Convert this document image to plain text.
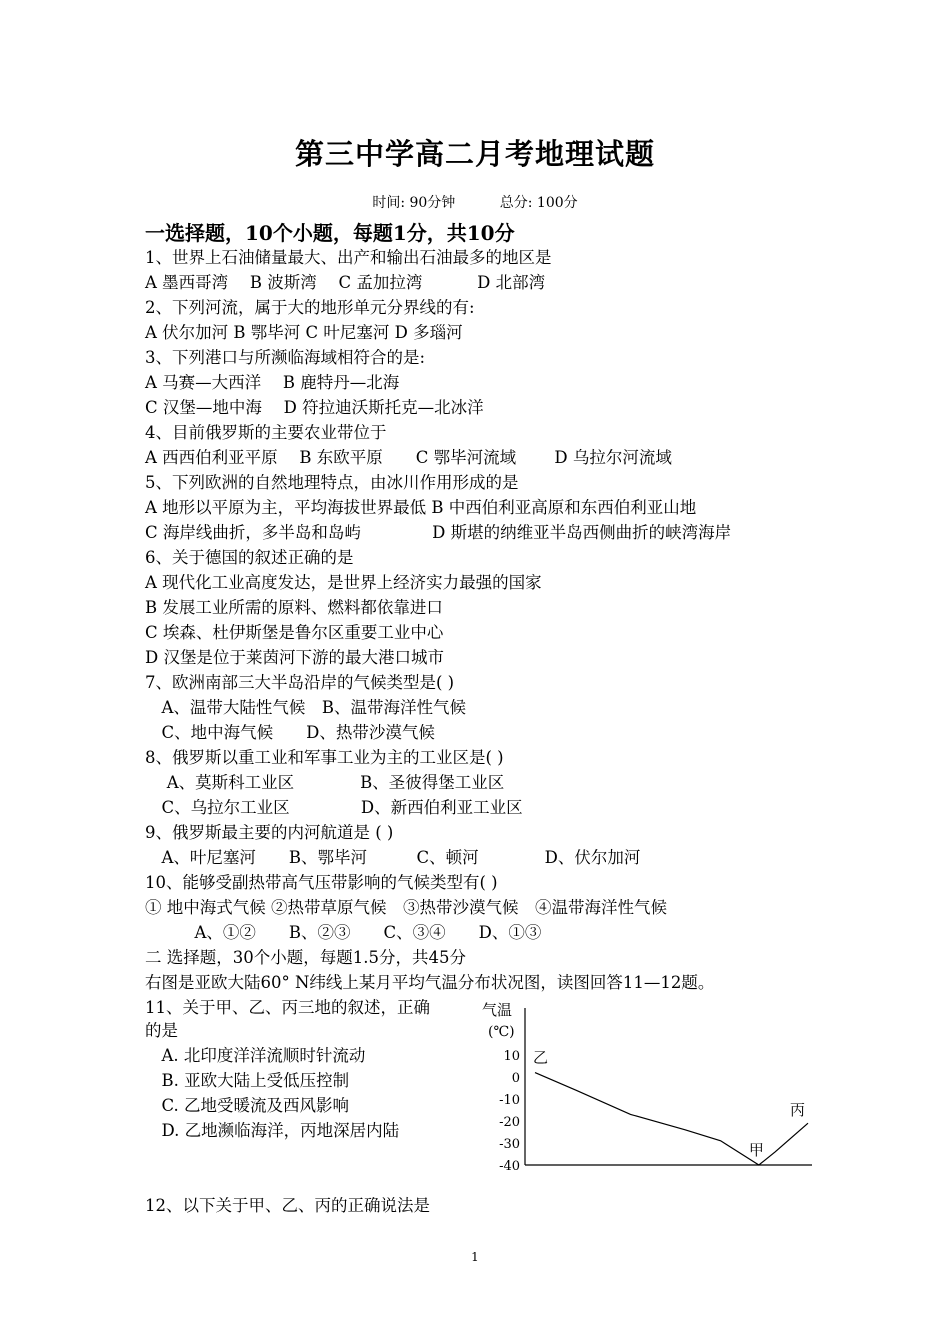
第三中学高二月考地理试题
时间: 90分钟	总分: 100分
一选择题，10个小题，每题1分，共10分
1、世界上石油储量最大、出产和输出石油最多的地区是
A 墨西哥湾　 B 波斯湾　 C 孟加拉湾　　　 D 北部湾
2、下列河流，属于大的地形单元分界线的有:
A 伏尔加河 B 鄂毕河 C 叶尼塞河 D 多瑙河
3、下列港口与所濒临海域相符合的是:
A 马赛—大西洋　 B 鹿特丹—北海
C 汉堡—地中海　 D 符拉迪沃斯托克—北冰洋
4、目前俄罗斯的主要农业带位于
A 西西伯利亚平原　 B 东欧平原　　C 鄂毕河流域　　 D 乌拉尔河流域
5、下列欧洲的自然地理特点，由冰川作用形成的是
A 地形以平原为主，平均海拔世界最低 B 中西伯利亚高原和东西伯利亚山地
C 海岸线曲折，多半岛和岛屿　　　　 D 斯堪的纳维亚半岛西侧曲折的峡湾海岸
6、关于德国的叙述正确的是
A 现代化工业高度发达，是世界上经济实力最强的国家
B 发展工业所需的原料、燃料都依靠进口
C 埃森、杜伊斯堡是鲁尔区重要工业中心
D 汉堡是位于莱茵河下游的最大港口城市
7、欧洲南部三大半岛沿岸的气候类型是( )
　A、温带大陆性气候　B、温带海洋性气候
　C、地中海气候　　D、热带沙漠气候
8、俄罗斯以重工业和军事工业为主的工业区是( )
　 A、莫斯科工业区　　　　B、圣彼得堡工业区
　C、乌拉尔工业区　　　　 D、新西伯利亚工业区
9、俄罗斯最主要的内河航道是 ( )
　A、叶尼塞河　　B、鄂毕河　　　C、顿河　　　　D、伏尔加河
10、能够受副热带高气压带影响的气候类型有( )
① 地中海式气候 ②热带草原气候　③热带沙漠气候　④温带海洋性气候
　　　A、①②　　B、②③　　C、③④　　D、①③
二 选择题，30个小题，每题1.5分，共45分
右图是亚欧大陆60° N纬线上某月平均气温分布状况图，读图回答11—12题。
11、关于甲、乙、丙三地的叙述，正确
的是
　A. 北印度洋洋流顺时针流动
　B. 亚欧大陆上受低压控制
　C. 乙地受暖流及西风影响
　D. 乙地濒临海洋，丙地深居内陆
12、以下关于甲、乙、丙的正确说法是
气温
(℃)
10
0
-10
-20
-30
-40
乙
甲
丙
1
